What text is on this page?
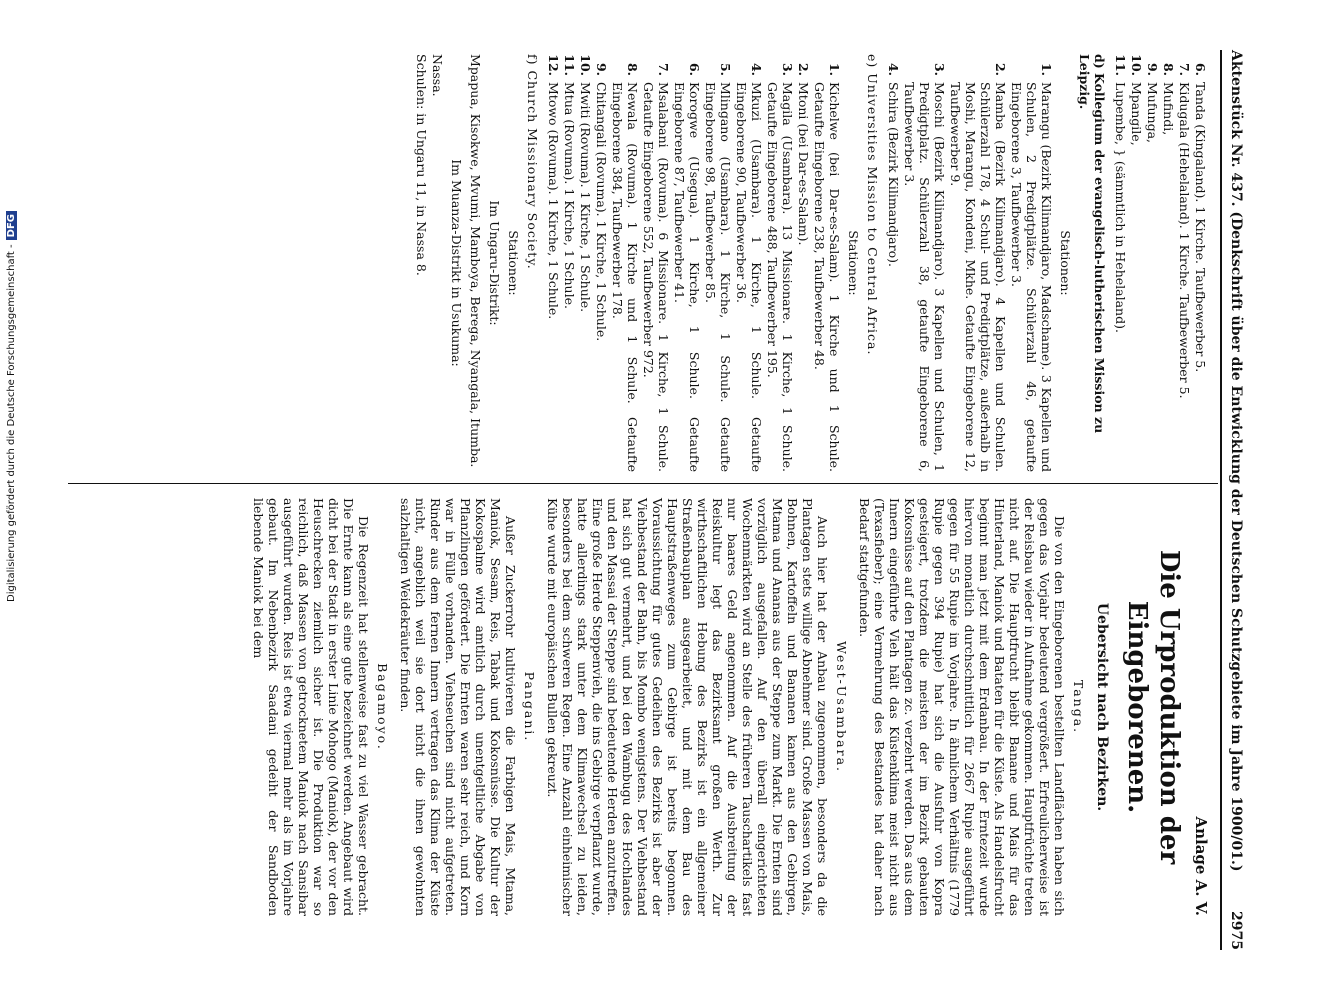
Aktenstück Nr. 437. (Denkschrift über die Entwicklung der Deutschen Schutzgebiete im Jahre 1900/01.)
2975
6.
Tanda (Kingaland). 1 Kirche. Taufbewerber 5.
7.
Kidugala (Hehelaland). 1 Kirche. Taufbewerber 5.
8.
Mufindi,
9.
Mufunga,
10.
Mpangile,
11.
Lupembe, } (sämmtlich in Hehelaland).
d) Kollegium der evangelisch-lutherischen Mission zu Leipzig.
Stationen:
1.
Marangu (Bezirk Kilimandjaro, Madschame). 3 Kapellen und Schulen, 2 Predigtplätze. Schülerzahl 46, getaufte Eingeborene 3, Taufbewerber 3.
2.
Mamba (Bezirk Kilimandjaro). 4 Kapellen und Schulen. Schülerzahl 178, 4 Schul- und Predigtplätze, außerhalb in Moshi, Marangu, Kondeni, Mkhe. Getaufte Eingeborene 12, Taufbewerber 9.
3.
Moschi (Bezirk Kilimandjaro). 3 Kapellen und Schulen, 1 Predigtplatz. Schülerzahl 38, getaufte Eingeborene 6, Taufbewerber 3.
4.
Schira (Bezirk Kilimandjaro).
e) Universities Mission to Central Africa.
Stationen:
1.
Kichelwe (bei Dar-es-Salam). 1 Kirche und 1 Schule. Getaufte Eingeborene 238, Taufbewerber 48.
2.
Mtoni (bei Dar-es-Salam).
3.
Magila (Usambara). 13 Missionare. 1 Kirche, 1 Schule. Getaufte Eingeborene 488, Taufbewerber 195.
4.
Mkuzi (Usambara). 1 Kirche, 1 Schule. Getaufte Eingeborene 90, Taufbewerber 36.
5.
Mlingano (Usambara). 1 Kirche, 1 Schule. Getaufte Eingeborene 98, Taufbewerber 85.
6.
Korogwe (Usegua). 1 Kirche, 1 Schule. Getaufte Eingeborene 87, Taufbewerber 41.
7.
Msalabani (Rovuma). 6 Missionare. 1 Kirche, 1 Schule. Getaufte Eingeborene 552, Taufbewerber 972.
8.
Newala (Rovuma). 1 Kirche und 1 Schule. Getaufte Eingeborene 384, Taufbewerber 178.
9.
Chitangali (Rovuma). 1 Kirche, 1 Schule.
10.
Mwiti (Rovuma). 1 Kirche, 1 Schule.
11.
Mtua (Rovuma). 1 Kirche, 1 Schule.
12.
Mtowo (Rovuma). 1 Kirche, 1 Schule.
f) Church Missionary Society.
Stationen:
Im Ungaru-Distrikt:
Mpapua, Kisokwe, Mvumi, Mamboya, Berega, Nyangala, Itumba.
Im Muanza-Distrikt in Usukuma:
Nassa.
Schulen: in Ungaru 11, in Nassa 8.
Anlage A. V.
Die Urproduktion der Eingeborenen.
Uebersicht nach Bezirken.
Tanga.
Die von den Eingeborenen bestellten Landflächen haben sich gegen das Vorjahr bedeutend vergrößert. Erfreulicherweise ist der Reisbau wieder in Aufnahme gekommen. Hauptfrüchte treten nicht auf. Die Hauptfrucht bleibt Banane und Mais für das Hinterland, Maniok und Bataten für die Küste. Als Handelsfrucht beginnt man jetzt mit dem Erdanbau. In der Erntezeit wurde hiervon monatlich durchschnittlich für 2667 Rupie ausgeführt gegen für 55 Rupie im Vorjahre. In ähnlichem Verhältnis (1779 Rupie gegen 394 Rupie) hat sich die Ausfuhr von Kopra gesteigert, trotzdem die meisten der im Bezirk gebauten Kokosnüsse auf den Plantagen zc. verzehrt werden. Das aus dem Innern eingeführte Vieh hält das Küstenklima meist nicht aus (Texasfieber); eine Vermehrung des Bestandes hat daher nach Bedarf stattgefunden.
West-Usambara.
Auch hier hat der Anbau zugenommen, besonders da die Plantagen stets willige Abnehmer sind. Große Massen von Mais, Bohnen, Kartoffeln und Bananen kamen aus den Gebirgen, Mtama und Ananas aus der Steppe zum Markt. Die Ernten sind vorzüglich ausgefallen. Auf den überall eingerichteten Wochenmärkten wird an Stelle des früheren Tauschartikels fast nur baares Geld angenommen. Auf die Ausbreitung der Reiskultur legt das Bezirksamt großen Werth. Zur wirthschaftlichen Hebung des Bezirks ist ein allgemeiner Straßenbauplan ausgearbeitet, und mit dem Bau des Hauptstraßenweges zum Gebirge ist bereits begonnen. Voraussichtung für gutes Gedeihen des Bezirks ist aber der Viehbestand der Bahn, bis Mombo wenigstens. Der Viehbestand hat sich gut vermehrt, und bei den Wambugu des Hochlandes und den Massai der Steppe sind bedeutende Herden anzutreffen. Eine große Herde Steppenvieh, die ins Gebirge verpflanzt wurde, hatte allerdings stark unter dem Klimawechsel zu leiden, besonders bei dem schweren Regen. Eine Anzahl einheimischer Kühe wurde mit europäischen Bullen gekreuzt.
Pangani.
Außer Zuckerrohr kultivieren die Farbigen Mais, Mtama, Maniok, Sesam, Reis, Tabak und Kokosnüsse. Die Kultur der Kokospalme wird amtlich durch unentgeltliche Abgabe von Pflanzlingen gefördert. Die Ernten waren sehr reich, und Korn war in Fülle vorhanden. Viehseuchen sind nicht aufgetreten. Rinder aus dem fernen Innern vertragen das Klima der Küste nicht, angeblich weil sie dort nicht die ihnen gewohnten salzhaltigen Weidekräuter finden.
Bagamoyo.
Die Regenzeit hat stellenweise fast zu viel Wasser gebracht. Die Ernte kann als eine gute bezeichnet werden. Angebaut wird dicht bei der Stadt in erster Linie Mohogo (Maniok), der vor den Heuschrecken ziemlich sicher ist. Die Produktion war so reichlich, daß Massen von getrocknetem Maniok nach Sansibar ausgeführt wurden. Reis ist etwa viermal mehr als im Vorjahre gebaut. Im Nebenbezirk Saadani gedeiht der Sandboden liebende Maniok bei dem
Digitalisierung gefördert durch die Deutsche Forschungsgemeinschaft -DFG
